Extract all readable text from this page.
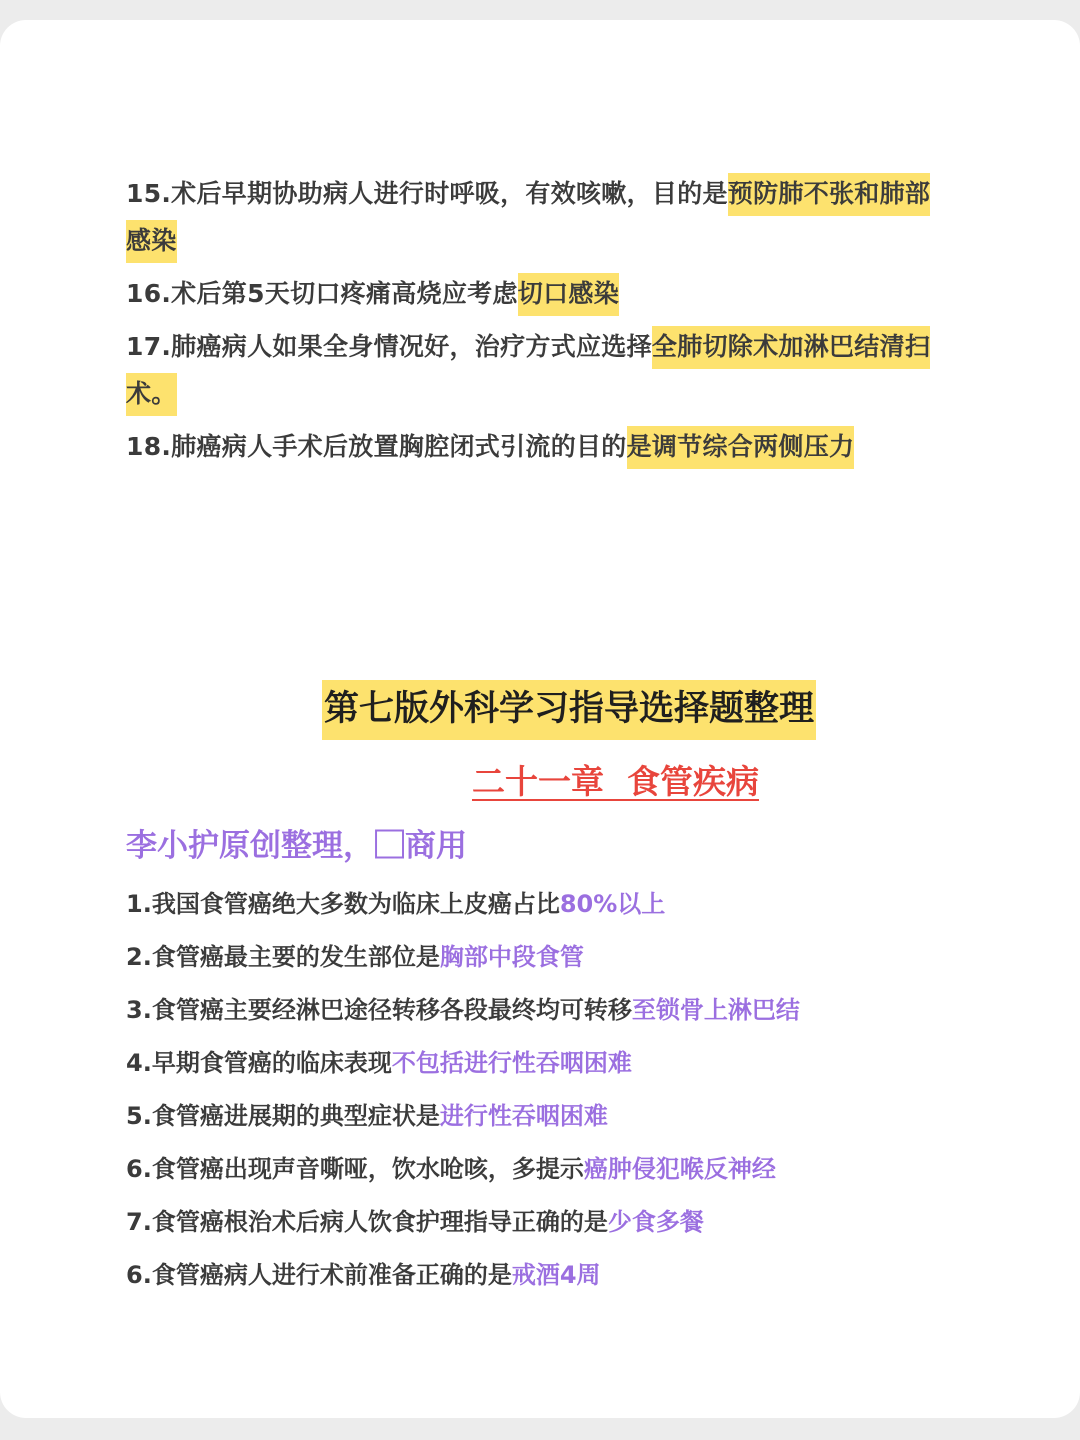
15.术后早期协助病人进行时呼吸，有效咳嗽，目的是预防肺不张和肺部感染
16.术后第5天切口疼痛高烧应考虑切口感染
17.肺癌病人如果全身情况好，治疗方式应选择全肺切除术加淋巴结清扫术。
18.肺癌病人手术后放置胸腔闭式引流的目的是调节综合两侧压力
第七版外科学习指导选择题整理
二十一章  食管疾病
李小护原创整理，⃞商用
1.我国食管癌绝大多数为临床上皮癌占比80%以上
2.食管癌最主要的发生部位是胸部中段食管
3.食管癌主要经淋巴途径转移各段最终均可转移至锁骨上淋巴结
4.早期食管癌的临床表现不包括进行性吞咽困难
5.食管癌进展期的典型症状是进行性吞咽困难
6.食管癌出现声音嘶哑，饮水呛咳，多提示癌肿侵犯喉反神经
7.食管癌根治术后病人饮食护理指导正确的是少食多餐
6.食管癌病人进行术前准备正确的是戒酒4周
